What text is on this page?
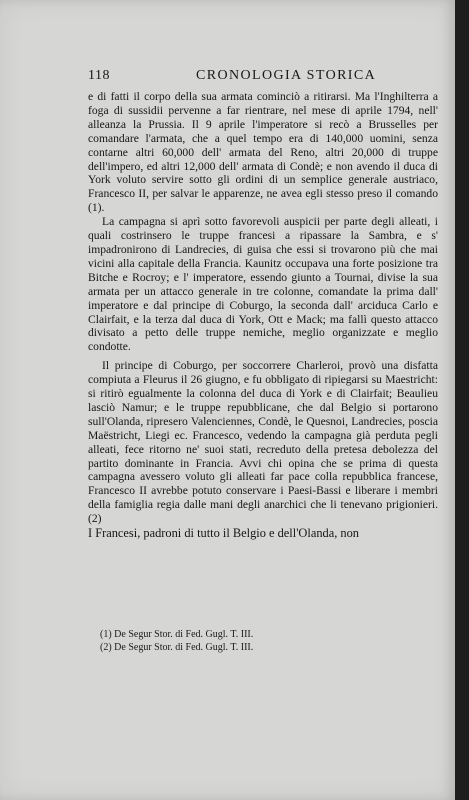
118	CRONOLOGIA STORICA

e di fatti il corpo della sua armata cominciò a ritirarsi. Ma l'Inghilterra a foga di sussidii pervenne a far rientrare, nel mese di aprile 1794, nell' alleanza la Prussia. Il 9 aprile l'imperatore si recò a Brusselles per comandare l'armata, che a quel tempo era di 140,000 uomini, senza contarne altri 60,000 dell' armata del Reno, altri 20,000 di truppe dell'impero, ed altri 12,000 dell' armata di Condè; e non avendo il duca di York voluto servire sotto gli ordini di un semplice generale austriaco, Francesco II, per salvar le apparenze, ne avea egli stesso preso il comando (1).

La campagna si aprì sotto favorevoli auspicii per parte degli alleati, i quali costrinsero le truppe francesi a ripassare la Sambra, e s' impadronirono di Landrecies, di guisa che essi si trovarono più che mai vicini alla capitale della Francia. Kaunitz occupava una forte posizione tra Bitche e Rocroy; e l' imperatore, essendo giunto a Tournai, divise la sua armata per un attacco generale in tre colonne, comandate la prima dall' imperatore e dal principe di Coburgo, la seconda dall' arciduca Carlo e Clairfait, e la terza dal duca di York, Ott e Mack; ma fallì questo attacco divisato a petto delle truppe nemiche, meglio organizzate e meglio condotte.

Il principe di Coburgo, per soccorrere Charleroi, provò una disfatta compiuta a Fleurus il 26 giugno, e fu obbligato di ripiegarsi su Maestricht: si ritirò egualmente la colonna del duca di York e di Clairfait; Beaulieu lasciò Namur; e le truppe repubblicane, che dal Belgio si portarono sull'Olanda, ripresero Valenciennes, Condè, le Quesnoi, Landrecies, poscia Maëstricht, Liegi ec. Francesco, vedendo la campagna già perduta pegli alleati, fece ritorno ne' suoi stati, recreduto della pretesa debolezza del partito dominante in Francia. Avvi chi opina che se prima di questa campagna avessero voluto gli alleati far pace colla repubblica francese, Francesco II avrebbe potuto conservare i Paesi-Bassi e liberare i membri della famiglia regia dalle mani degli anarchici che li tenevano prigionieri. (2)

I Francesi, padroni di tutto il Belgio e dell'Olanda, non

(1) De Segur Stor. di Fed. Gugl. T. III.
(2) De Segur Stor. di Fed. Gugl. T. III.
